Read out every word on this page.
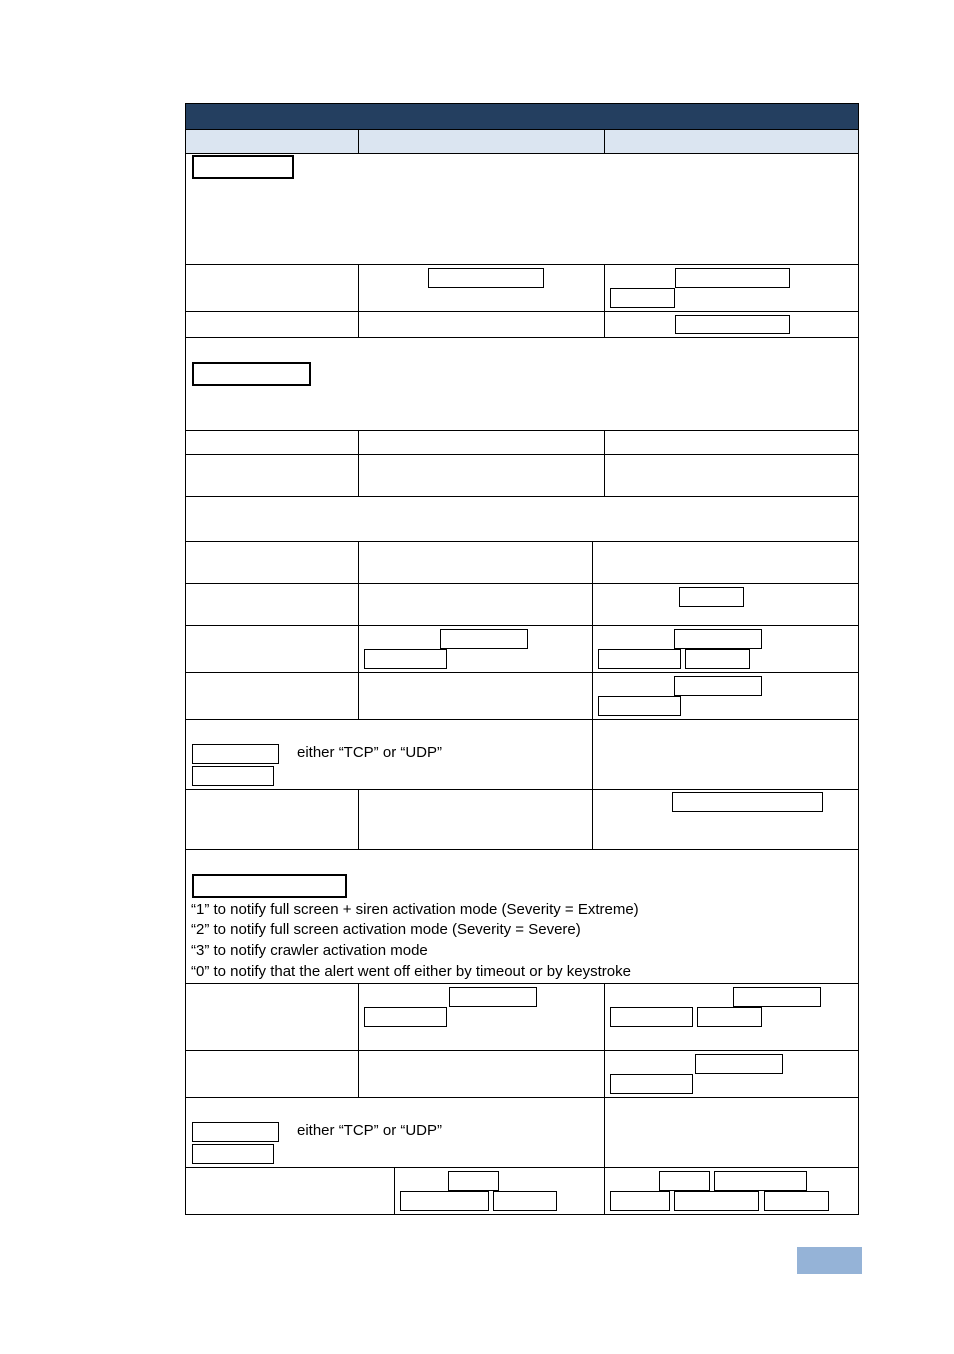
either “TCP” or “UDP”
“1” to notify full screen + siren activation mode (Severity = Extreme)
“2” to notify full screen activation mode (Severity = Severe)
“3” to notify crawler activation mode
“0” to notify that the alert went off either by timeout or by keystroke
either “TCP” or “UDP”
